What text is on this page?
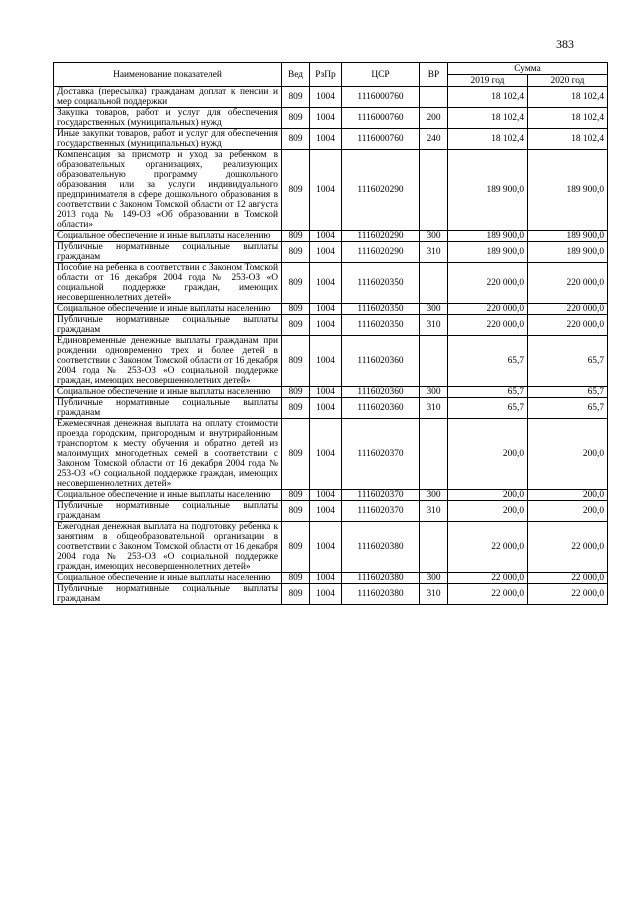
383
Наименование показателей	Вед	РзПр	ЦСР	ВР	Сумма	
					2019 год	2020 год
Доставка (пересылка) гражданам доплат к пенсии и мер социальной поддержки	809	1004	1116000760		18 102,4	18 102,4
Закупка товаров, работ и услуг для обеспечения государственных (муниципальных) нужд	809	1004	1116000760	200	18 102,4	18 102,4
Иные закупки товаров, работ и услуг для обеспечения государственных (муниципальных) нужд	809	1004	1116000760	240	18 102,4	18 102,4
Компенсация за присмотр и уход за ребенком в образовательных организациях, реализующих образовательную программу дошкольного образования или за услуги индивидуального предпринимателя в сфере дошкольного образования в соответствии с Законом Томской области от 12 августа 2013 года № 149-ОЗ «Об образовании в Томской области»	809	1004	1116020290		189 900,0	189 900,0
Социальное обеспечение и иные выплаты населению	809	1004	1116020290	300	189 900,0	189 900,0
Публичные нормативные социальные выплаты гражданам	809	1004	1116020290	310	189 900,0	189 900,0
Пособие на ребенка в соответствии с Законом Томской области от 16 декабря 2004 года № 253-ОЗ «О социальной поддержке граждан, имеющих несовершеннолетних детей»	809	1004	1116020350		220 000,0	220 000,0
Социальное обеспечение и иные выплаты населению	809	1004	1116020350	300	220 000,0	220 000,0
Публичные нормативные социальные выплаты гражданам	809	1004	1116020350	310	220 000,0	220 000,0
Единовременные денежные выплаты гражданам при рождении одновременно трех и более детей в соответствии с Законом Томской области от 16 декабря 2004 года № 253-ОЗ «О социальной поддержке граждан, имеющих несовершеннолетних детей»	809	1004	1116020360		65,7	65,7
Социальное обеспечение и иные выплаты населению	809	1004	1116020360	300	65,7	65,7
Публичные нормативные социальные выплаты гражданам	809	1004	1116020360	310	65,7	65,7
Ежемесячная денежная выплата на оплату стоимости проезда городским, пригородным и внутрирайонным транспортом к месту обучения и обратно детей из малоимущих многодетных семей в соответствии с Законом Томской области от 16 декабря 2004 года № 253-ОЗ «О социальной поддержке граждан, имеющих несовершеннолетних детей»	809	1004	1116020370		200,0	200,0
Социальное обеспечение и иные выплаты населению	809	1004	1116020370	300	200,0	200,0
Публичные нормативные социальные выплаты гражданам	809	1004	1116020370	310	200,0	200,0
Ежегодная денежная выплата на подготовку ребенка к занятиям в общеобразовательной организации в соответствии с Законом Томской области от 16 декабря 2004 года № 253-ОЗ «О социальной поддержке граждан, имеющих несовершеннолетних детей»	809	1004	1116020380		22 000,0	22 000,0
Социальное обеспечение и иные выплаты населению	809	1004	1116020380	300	22 000,0	22 000,0
Публичные нормативные социальные выплаты гражданам	809	1004	1116020380	310	22 000,0	22 000,0
